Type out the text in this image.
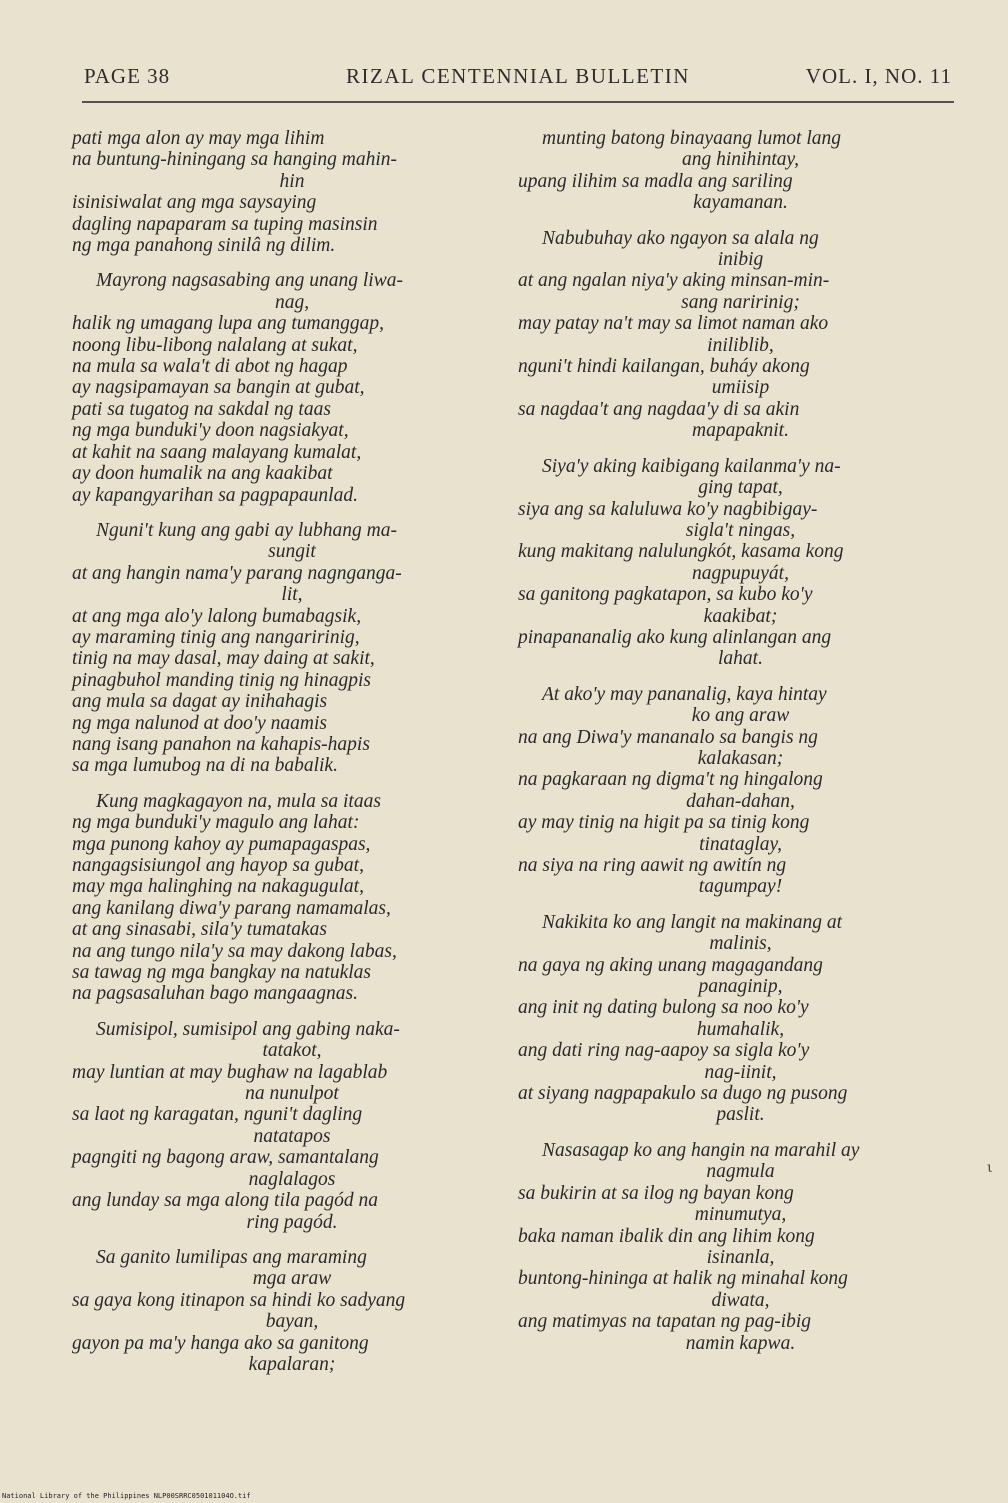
PAGE 38	RIZAL CENTENNIAL BULLETIN	VOL. I, NO. 11
pati mga alon ay may mga lihim
na buntung-hiningang sa hanging mahin-
hin
isinisiwalat ang mga saysaying
dagling napaparam sa tuping masinsin
ng mga panahong sinilâ ng dilim.
Mayrong nagsasabing ang unang liwa-
nag,
halik ng umagang lupa ang tumanggap,
noong libu-libong nalalang at sukat,
na mula sa wala't di abot ng hagap
ay nagsipamayan sa bangin at gubat,
pati sa tugatog na sakdal ng taas
ng mga bunduki'y doon nagsiakyat,
at kahit na saang malayang kumalat,
ay doon humalik na ang kaakibat
ay kapangyarihan sa pagpapaunlad.
Nguni't kung ang gabi ay lubhang ma-
sungit
at ang hangin nama'y parang nagngangа-
lit,
at ang mga alo'y lalong bumabagsik,
ay maraming tinig ang nangaririnig,
tinig na may dasal, may daing at sakit,
pinagbuhol manding tinig ng hinagpis
ang mula sa dagat ay inihahagis
ng mga nalunod at doo'y naamis
nang isang panahon na kahapis-hapis
sa mga lumubog na di na babalik.
Kung magkagayon na, mula sa itaas
ng mga bunduki'y magulo ang lahat:
mga punong kahoy ay pumapagaspas,
nangagsisiungol ang hayop sa gubat,
may mga halinghing na nakagugulat,
ang kanilang diwa'y parang namamalas,
at ang sinasabi, sila'y tumatakas
na ang tungo nila'y sa may dakong labas,
sa tawag ng mga bangkay na natuklas
na pagsasaluhan bago mangaagnas.
Sumisipol, sumisipol ang gabing naka-
tatakot,
may luntian at may bughaw na lagablab
na nunulpot
sa laot ng karagatan, nguni't dagling
natatapos
pagngiti ng bagong araw, samantalang
naglalagos
ang lunday sa mga along tila pagód na
ring pagód.
Sa ganito lumilipas ang maraming
mga araw
sa gaya kong itinapon sa hindi ko sadyang
bayan,
gayon pa ma'y hanga ako sa ganitong
kapalaran;
munting batong binayaang lumot lang
ang hinihintay,
upang ilihim sa madla ang sariling
kayamanan.
Nabubuhay ako ngayon sa alala ng
inibig
at ang ngalan niya'y aking minsan-min-
sang naririnig;
may patay na't may sa limot naman ako
iniliblib,
nguni't hindi kailangan, buháy akong
umiisip
sa nagdaa't ang nagdaa'y di sa akin
mapapaknit.
Siya'y aking kaibigang kailanma'y na-
ging tapat,
siya ang sa kaluluwa ko'y nagbibigay-
sigla't ningas,
kung makitang nalulungkót, kasama kong
nagpupuyát,
sa ganitong pagkatapon, sa kubo ko'y
kaakibat;
pinapananalig ako kung alinlangan ang
lahat.
At ako'y may pananalig, kaya hintay
ko ang araw
na ang Diwa'y mananalo sa bangis ng
kalakasan;
na pagkaraan ng digma't ng hingalong
dahan-dahan,
ay may tinig na higit pa sa tinig kong
tinataglay,
na siya na ring aawit ng awitín ng
tagumpay!
Nakikita ko ang langit na makinang at
malinis,
na gaya ng aking unang magagandang
panaginip,
ang init ng dating bulong sa noo ko'y
humahalik,
ang dati ring nag-aapoy sa sigla ko'y
nag-iinit,
at siyang nagpapakulo sa dugo ng pusong
paslit.
Nasasagap ko ang hangin na marahil ay
nagmula
sa bukirin at sa ilog ng bayan kong
minumutya,
baka naman ibalik din ang lihim kong
isinanla,
buntong-hininga at halik ng minahal kong
diwata,
ang matimyas na tapatan ng pag-ibig
namin kapwa.
ι
National Library of the Philippines NLP00SRRC050101104O.tif
